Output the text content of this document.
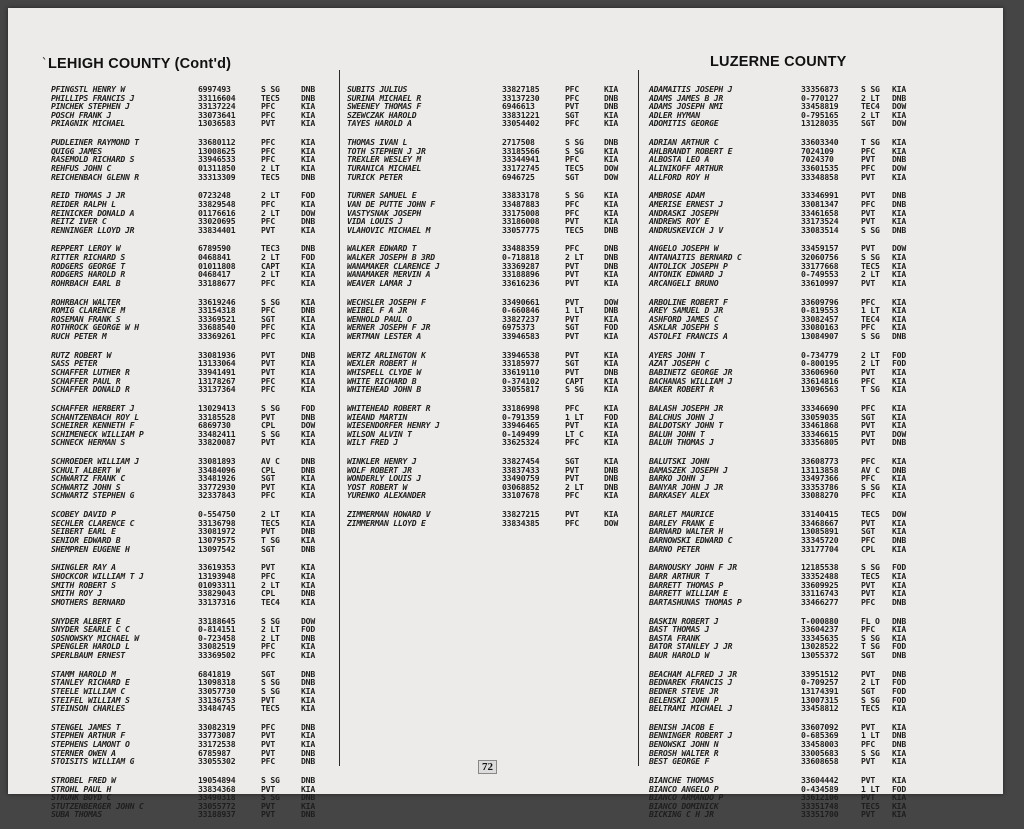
` LEHIGH COUNTY (Cont'd)	LUZERNE COUNTY
PFINGSTL HENRY W	6997493	S SG	DNB
PHILLIPS FRANCIS J	33116604	TEC5	DNB
PINCHEK STEPHEN J	33137224	PFC	KIA
POSCH FRANK J	33073641	PFC	KIA
PRIAGNIK MICHAEL	13036583	PVT	KIA
PUDLEINER RAYMOND T	33680112	PFC	KIA
QUIGG JAMES	13008625	PFC	KIA
RASEMOLD RICHARD S	33946533	PFC	KIA
REHFUS JOHN C	01311850	2 LT	KIA
REICHENBACH GLENN R	33313309	TEC5	DNB
REID THOMAS J JR	0723248	2 LT	FOD
REIDER RALPH L	33829548	PFC	KIA
REINICKER DONALD A	01176616	2 LT	DOW
REITZ IVER C	33020695	PFC	DNB
RENNINGER LLOYD JR	33834401	PVT	KIA
REPPERT LEROY W	6789590	TEC3	DNB
RITTER RICHARD S	0468841	2 LT	FOD
RODGERS GEORGE T	01011808	CAPT	KIA
RODGERS HAROLD R	0468417	2 LT	KIA
ROHRBACH EARL B	33188677	PFC	KIA
ROHRBACH WALTER	33619246	S SG	KIA
ROMIG CLARENCE M	33154318	PFC	DNB
ROSEMAN FRANK S	33369521	SGT	KIA
ROTHROCK GEORGE W H	33688540	PFC	KIA
RUCH PETER M	33369261	PFC	KIA
RUTZ ROBERT W	33081936	PVT	DNB
SASS PETER	13133064	PVT	KIA
SCHAFFER LUTHER R	33941491	PVT	KIA
SCHAFFER PAUL R	13178267	PFC	KIA
SCHAFFER DONALD R	33137364	PFC	KIA
SCHAFFER HERBERT J	13029413	S SG	FOD
SCHANTZENBACH ROY L	33185528	PVT	DNB
SCHEIRER KENNETH F	6869730	CPL	DOW
SCHIMENECK WILLIAM P	33482411	S SG	KIA
SCHNECK HERMAN S	33820087	PVT	KIA
SCHROEDER WILLIAM J	33081893	AV C	DNB
SCHULT ALBERT W	33484096	CPL	DNB
SCHWARTZ FRANK C	33481926	SGT	KIA
SCHWARTZ JOHN S	33772930	PVT	KIA
SCHWARTZ STEPHEN G	32337843	PFC	KIA
SCOBEY DAVID P	0-554750	2 LT	KIA
SECHLER CLARENCE C	33136798	TEC5	KIA
SEIBERT EARL E	33081972	PVT	DNB
SENIOR EDWARD B	13079575	T SG	KIA
SHEMPREN EUGENE H	13097542	SGT	DNB
SHINGLER RAY A	33619353	PVT	KIA
SHOCKCOR WILLIAM T J	13193948	PFC	KIA
SMITH ROBERT S	01093311	2 LT	KIA
SMITH ROY J	33829043	CPL	DNB
SMOTHERS BERNARD	33137316	TEC4	KIA
SNYDER ALBERT E	33188645	S SG	DOW
SNYDER SEARLE C C	0-814151	2 LT	FOD
SOSNOWSKY MICHAEL W	0-723458	2 LT	DNB
SPENGLER HAROLD L	33082519	PFC	KIA
SPERLBAUM ERNEST	33369502	PFC	KIA
STAMM HAROLD M	6841819	SGT	DNB
STANLEY RICHARD E	13098318	S SG	DNB
STEELE WILLIAM C	33057730	S SG	KIA
STEIFEL WILLIAM S	33136753	PVT	KIA
STEINSON CHARLES	33484745	TEC5	KIA
STENGEL JAMES T	33082319	PFC	DNB
STEPHEN ARTHUR F	33773087	PVT	KIA
STEPHENS LAMONT O	33172538	PVT	KIA
STERNER OWEN A	6785987	PVT	DNB
STOISITS WILLIAM G	33055302	PFC	DNB
STROBEL FRED W	19054894	S SG	DNB
STROHL PAUL H	33834368	PVT	KIA
STRUNK BOYD C	33490318	S SG	DNB
STUTZENBERGER JOHN C	33055772	PVT	KIA
SUBA THOMAS	33188937	PVT	DNB
SUBITS JULIUS	33827185	PFC	KIA
SURINA MICHAEL R	33137230	PFC	DNB
SWEENEY THOMAS F	6946613	PVT	DNB
SZEWCZAK HAROLD	33831221	SGT	KIA
TAYES HAROLD A	33054402	PFC	KIA
THOMAS IVAN L	2717508	S SG	DNB
TOTH STEPHEN J JR	33185566	S SG	KIA
TREXLER WESLEY M	33344941	PFC	KIA
TURANICA MICHAEL	33172745	TEC5	DOW
TURICK PETER	6946725	SGT	DOW
TURNER SAMUEL E	33833178	S SG	KIA
VAN DE PUTTE JOHN F	33487883	PFC	KIA
VASTYSNAK JOSEPH	33175008	PFC	KIA
VIDA LOUIS J	33186008	PVT	KIA
VLAHOVIC MICHAEL M	33057775	TEC5	DNB
WALKER EDWARD T	33488359	PFC	DNB
WALKER JOSEPH B 3RD	0-718818	2 LT	DNB
WANAMAKER CLARENCE J	33369287	PVT	DNB
WANAMAKER MERVIN A	33188896	PVT	KIA
WEAVER LAMAR J	33616236	PVT	KIA
WECHSLER JOSEPH F	33490661	PVT	DOW
WEIBEL F A JR	0-660846	1 LT	DNB
WENHOLD PAUL O	33827237	PVT	KIA
WERNER JOSEPH F JR	6975373	SGT	FOD
WERTMAN LESTER A	33946583	PVT	KIA
WERTZ ARLINGTON K	33946538	PVT	KIA
WEXLER ROBERT H	33185977	SGT	KIA
WHISPELL CLYDE W	33619110	PVT	DNB
WHITE RICHARD B	0-374102	CAPT	KIA
WHITEHEAD JOHN B	33055817	S SG	KIA
WHITEHEAD ROBERT R	33186998	PFC	KIA
WIEAND MARTIN	0-791359	1 LT	FOD
WIESENDORFER HENRY J	33946465	PVT	KIA
WILSON ALVIN T	0-149499	LT C	KIA
WILT FRED J	33625324	PFC	KIA
WINKLER HENRY J	33827454	SGT	KIA
WOLF ROBERT JR	33837433	PVT	DNB
WONDERLY LOUIS J	33490759	PVT	DNB
YOST ROBERT W	03068852	2 LT	DNB
YURENKO ALEXANDER	33107678	PFC	KIA
ZIMMERMAN HOWARD V	33827215	PVT	KIA
ZIMMERMAN LLOYD E	33834385	PFC	DOW
ADAMAITIS JOSEPH J	33356873	S SG KIA
ADAMS JAMES B JR	0-770127	2 LT DNB
ADAMS JOSEPH NMI	33458819	TEC4 DOW
ADLER HYMAN	0-795165	2 LT KIA
ADOMITIS GEORGE	13128035	SGT DOW
ADRIAN ARTHUR C	33603340	T SG KIA
AHLBRANDT ROBERT E	7024109	PFC KIA
ALBOSTA LEO A	7024370	PVT DNB
ALINIKOFF ARTHUR	33601535	PFC DOW
ALLFORD ROY H	33348858	PVT KIA
AMBROSE ADAM	33346991	PVT DNB
AMERISE ERNEST J	33081347	PFC DNB
ANDRASKI JOSEPH	33461658	PVT KIA
ANDREWS ROY E	33173524	PVT KIA
ANDRUSKEVICH J V	33083514	S SG DNB
ANGELO JOSEPH W	33459157	PVT DOW
ANTANAITIS BERNARD C	32060756	S SG KIA
ANTOLICK JOSEPH P	33177668	TEC5 KIA
ANTONIK EDWARD J	0-749553	2 LT KIA
ARCANGELI BRUNO	33610997	PVT KIA
ARBOLINE ROBERT F	33609796	PFC KIA
AREY SAMUEL D JR	0-819553	1 LT KIA
ASHFORD JAMES C	33082457	TEC4 KIA
ASKLAR JOSEPH S	33080163	PFC KIA
ASTOLFI FRANCIS A	13084907	S SG DNB
AYERS JOHN T	0-734779	2 LT FOD
AZAT JOSEPH C	0-800195	2 LT FOD
BABINETZ GEORGE JR	33606960	PVT KIA
BACHANAS WILLIAM J	33614816	PFC KIA
BAKER ROBERT R	13096563	T SG KIA
BALASH JOSEPH JR	33346690	PFC KIA
BALCHUS JOHN J	33059035	SGT KIA
BALDOTSKY JOHN T	33461868	PVT KIA
BALUH JOHN T	33346615	PVT DOW
BALUH THOMAS J	33356805	PVT DNB
BALUTSKI JOHN	33608773	PFC KIA
BAMASZEK JOSEPH J	13113858	AV C DNB
BARKO JOHN J	33497366	PFC KIA
BANYAR JOHN J JR	33353786	S SG KIA
BARKASEY ALEX	33088270	PFC KIA
BARLET MAURICE	33140415	TEC5 DOW
BARLEY FRANK E	33468667	PVT KIA
BARNARD WALTER H	13085891	SGT KIA
BARNOWSKI EDWARD C	33345720	PFC DNB
BARNO PETER	33177704	CPL KIA
BARNOUSKY JOHN F JR	12185538	S SG FOD
BARR ARTHUR T	33352488	TEC5 KIA
BARRETT THOMAS P	33609925	PVT KIA
BARRETT WILLIAM E	33116743	PVT KIA
BARTASHUNAS THOMAS P	33466277	PFC DNB
BASKIN ROBERT J	T-000880	FL O DNB
BAST THOMAS J	33604237	PFC KIA
BASTA FRANK	33345635	S SG KIA
BATOR STANLEY J JR	13028522	T SG FOD
BAUR HAROLD W	13055372	SGT DNB
BEACHAM ALFRED J JR	33951512	PVT DNB
BEDNAREK FRANCIS J	0-709257	2 LT FOD
BEDNER STEVE JR	13174391	SGT FOD
BELENSKI JOHN P	13007315	S SG FOD
BELTRAMI MICHAEL J	33458812	TEC5 KIA
BENISH JACOB E	33607092	PVT KIA
BENNINGER ROBERT J	0-685369	1 LT DNB
BENOWSKI JOHN N	33458003	PFC DNB
BEROSH WALTER R	33005683	S SG KIA
BEST GEORGE F	33608658	PVT KIA
BIANCHE THOMAS	33604442	PVT KIA
BIANCO ANGELO P	0-434589	1 LT FOD
BIANCO ARMANDO P	33612106	PVT KIA
BIANCO DOMINICK	33351748	TEC5 KIA
BICKING C H JR	33351700	PVT KIA
72
